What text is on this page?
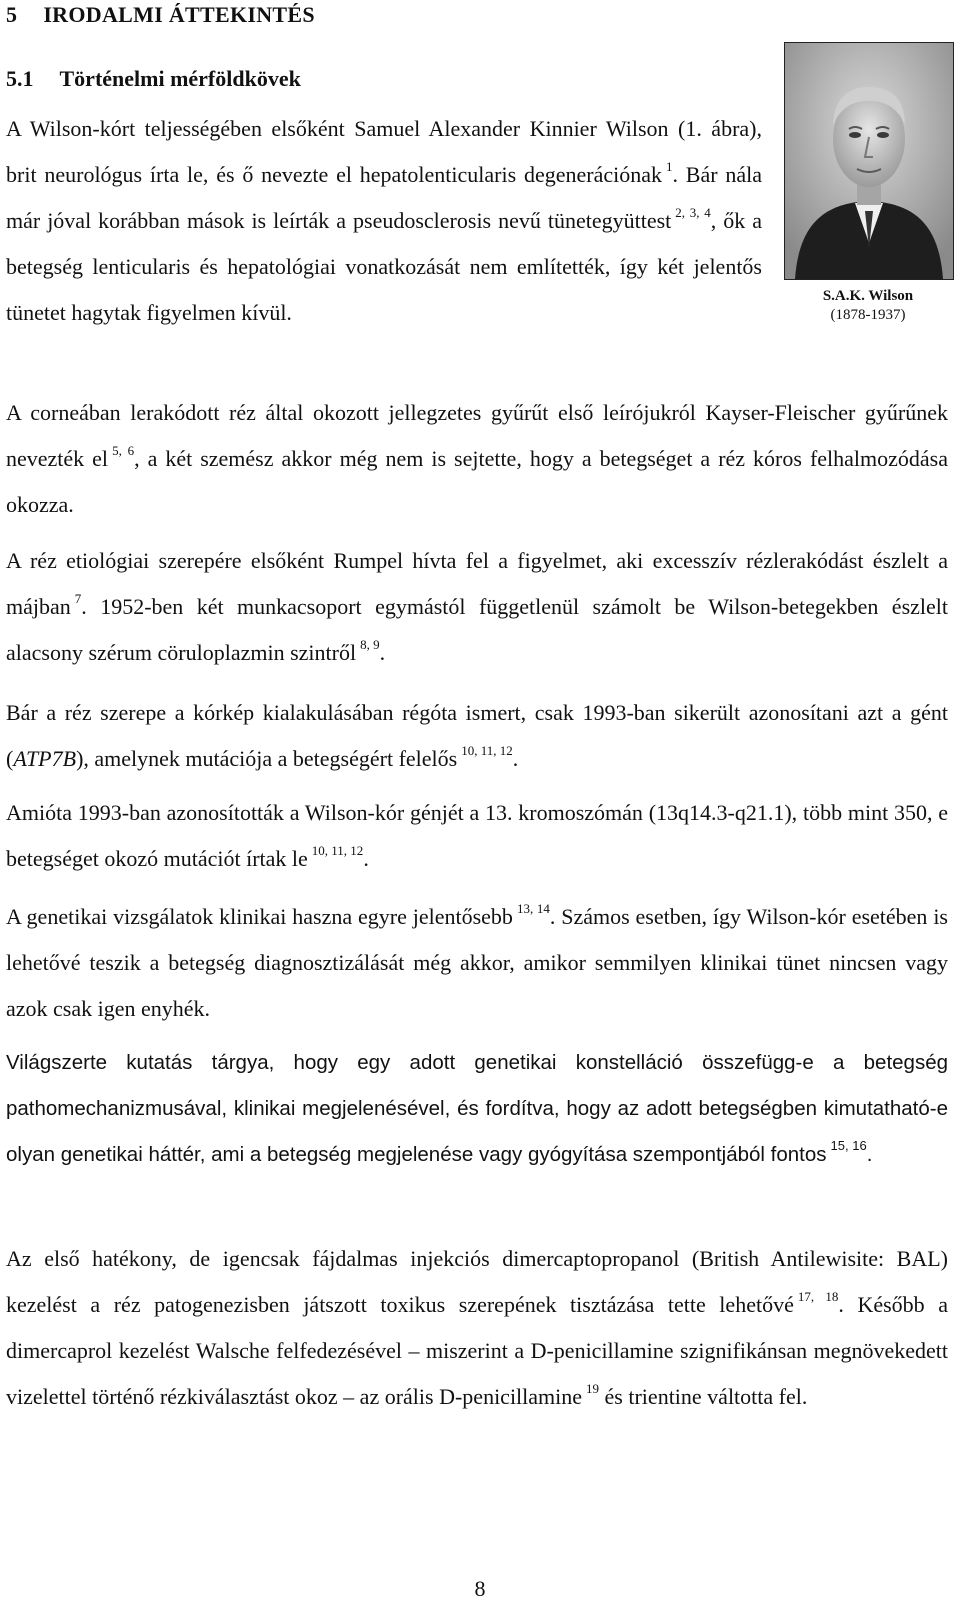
5 IRODALMI ÁTTEKINTÉS
5.1 Történelmi mérföldkövek
S.A.K. Wilson
(1878-1937)

A Wilson-kórt teljességében elsőként Samuel Alexander Kinnier Wilson (1. ábra), brit neurológus írta le, és ő nevezte el hepatolenticularis degenerációnak $^1$. Bár nála már jóval korábban mások is leírták a pseudosclerosis nevű tünetegyüttest $^{2, 3, 4}$, ők a betegség lenticularis és hepatológiai vonatkozását nem említették, így két jelentős tünetet hagytak figyelmen kívül.

A corneában lerakódott réz által okozott jellegzetes gyűrűt első leírójukról Kayser-Fleischer gyűrűnek nevezték el $^{5, 6}$, a két szemész akkor még nem is sejtette, hogy a betegséget a réz kóros felhalmozódása okozza.

A réz etiológiai szerepére elsőként Rumpel hívta fel a figyelmet, aki excesszív rézlerakódást észlelt a májban $^7$. 1952-ben két munkacsoport egymástól függetlenül számolt be Wilson-betegekben észlelt alacsony szérum cöruloplazmin szintről $^{8, 9}$.

Bár a réz szerepe a kórkép kialakulásában régóta ismert, csak 1993-ban sikerült azonosítani azt a gént (ATP7B), amelynek mutációja a betegségért felelős $^{10, 11, 12}$.

Amióta 1993-ban azonosították a Wilson-kór génjét a 13. kromoszómán (13q14.3-q21.1), több mint 350, e betegséget okozó mutációt írtak le $^{10, 11, 12}$.

A genetikai vizsgálatok klinikai haszna egyre jelentősebb $^{13, 14}$. Számos esetben, így Wilson-kór esetében is lehetővé teszik a betegség diagnosztizálását még akkor, amikor semmilyen klinikai tünet nincsen vagy azok csak igen enyhék.

Világszerte kutatás tárgya, hogy egy adott genetikai konstelláció összefügg-e a betegség pathomechanizmusával, klinikai megjelenésével, és fordítva, hogy az adott betegségben kimutatható-e olyan genetikai háttér, ami a betegség megjelenése vagy gyógyítása szempontjából fontos $^{15, 16}$.

Az első hatékony, de igencsak fájdalmas injekciós dimercaptopropanol (British Antilewisite: BAL) kezelést a réz patogenezisben játszott toxikus szerepének tisztázása tette lehetővé $^{17, 18}$. Később a dimercaprol kezelést Walsche felfedezésével – miszerint a D-penicillamine szignifikánsan megnövekedett vizelettel történő rézkiválasztást okoz – az orális D-penicillamine $^{19}$ és trientine váltotta fel.

8
